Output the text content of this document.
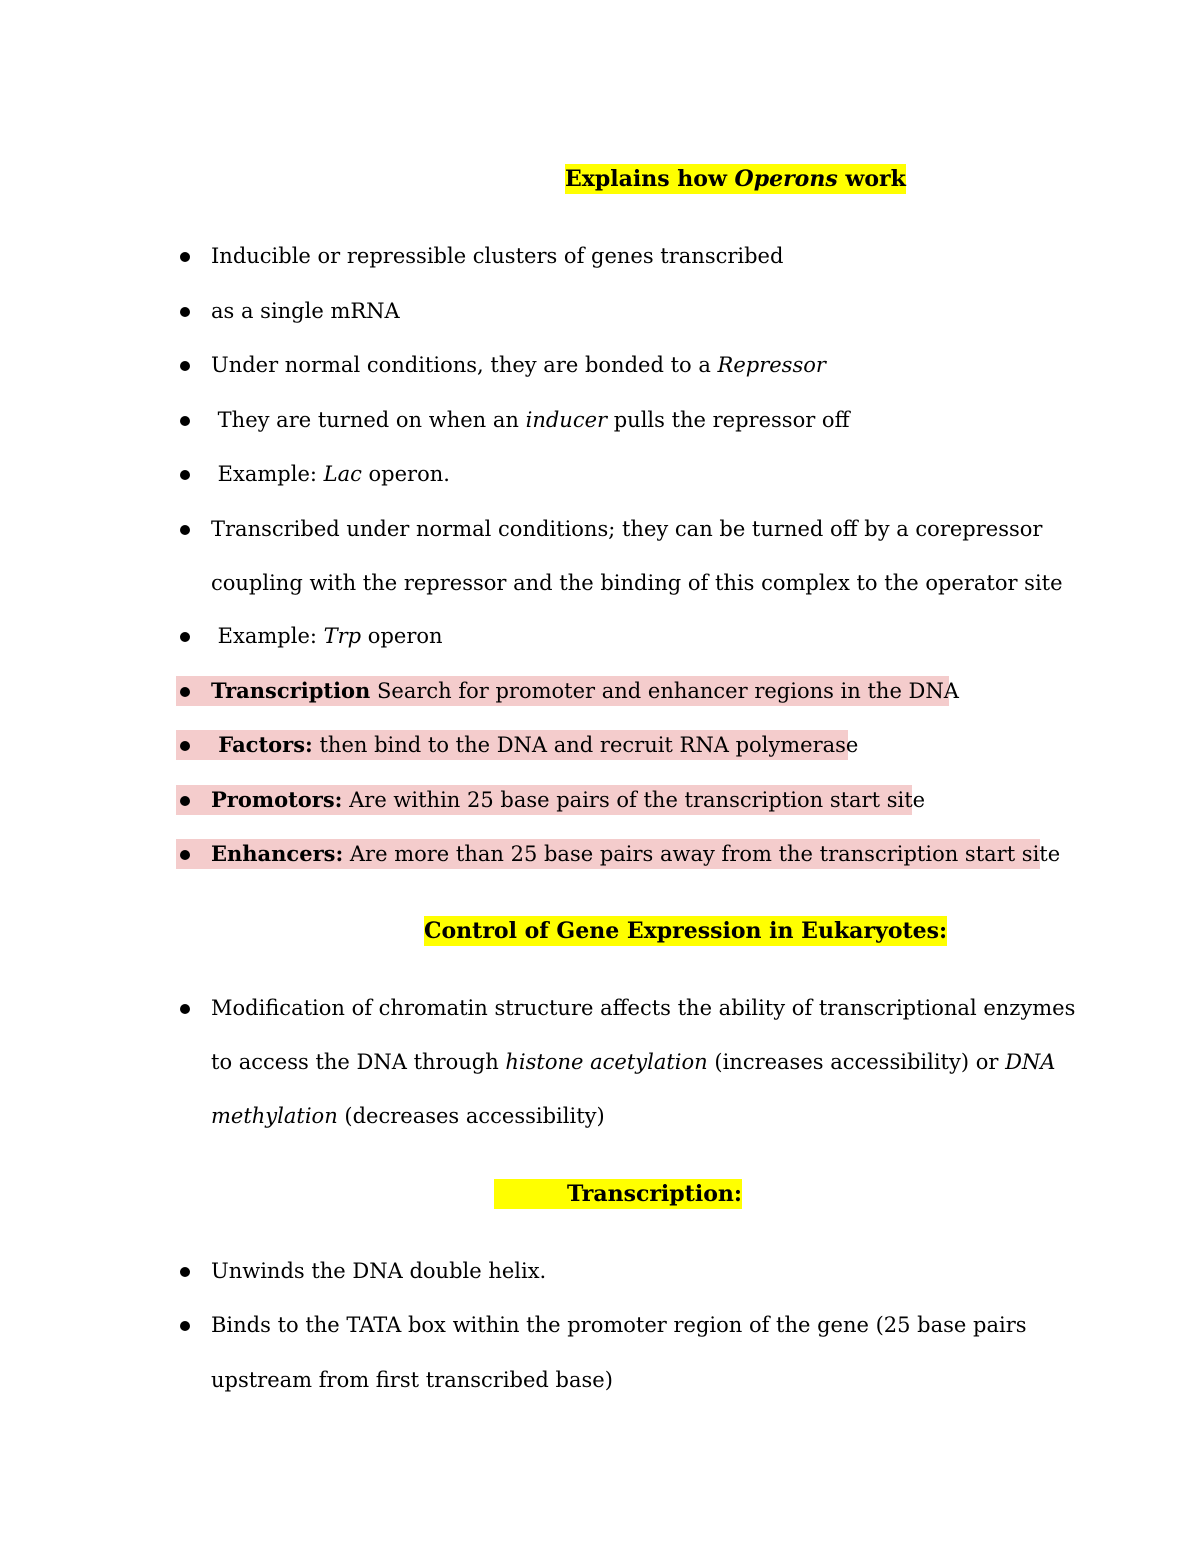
Explains how Operons work
Inducible or repressible clusters of genes transcribed
as a single mRNA
Under normal conditions, they are bonded to a Repressor
They are turned on when an inducer pulls the repressor off
Example: Lac operon.
Transcribed under normal conditions; they can be turned off by a corepressor
coupling with the repressor and the binding of this complex to the operator site
Example: Trp operon
Transcription Search for promoter and enhancer regions in the DNA
Factors: then bind to the DNA and recruit RNA polymerase
Promotors: Are within 25 base pairs of the transcription start site
Enhancers: Are more than 25 base pairs away from the transcription start site
Control of Gene Expression in Eukaryotes:
Modification of chromatin structure affects the ability of transcriptional enzymes
to access the DNA through histone acetylation (increases accessibility) or DNA
methylation (decreases accessibility)
Transcription:
Unwinds the DNA double helix.
Binds to the TATA box within the promoter region of the gene (25 base pairs
upstream from first transcribed base)
